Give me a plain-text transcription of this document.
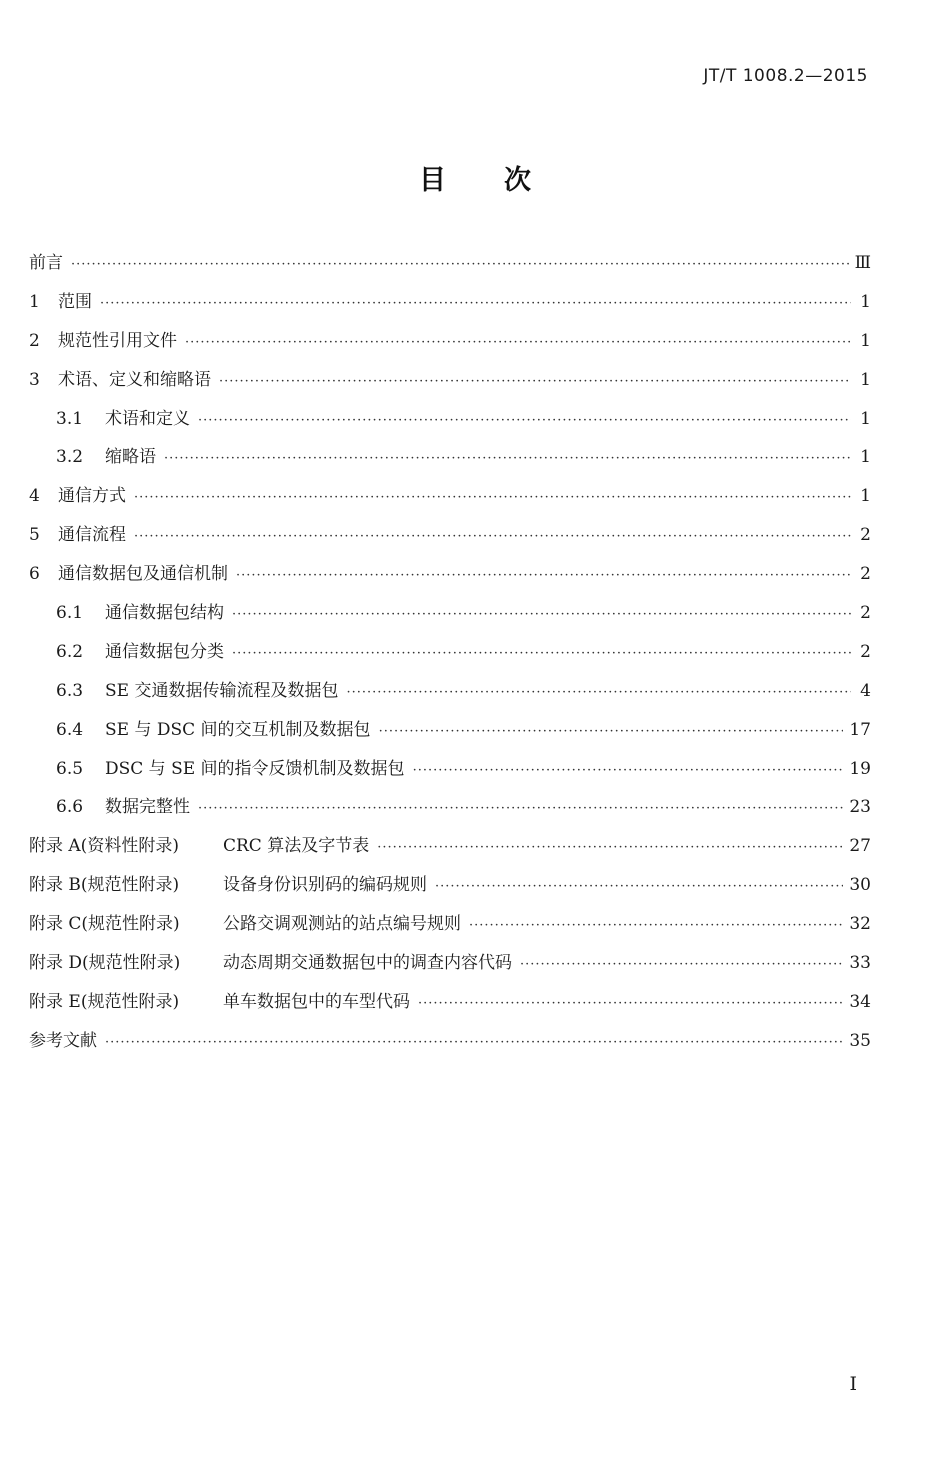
JT/T 1008.2—2015
目次
前言 ·····	Ⅲ
1	范围 ·····	1
2	规范性引用文件 ·····	1
3	术语、定义和缩略语 ·····	1
3.1	术语和定义 ·····	1
3.2	缩略语 ·····	1
4	通信方式 ·····	1
5	通信流程 ·····	2
6	通信数据包及通信机制 ·····	2
6.1	通信数据包结构 ·····	2
6.2	通信数据包分类 ·····	2
6.3	SE 交通数据传输流程及数据包 ·····	4
6.4	SE 与 DSC 间的交互机制及数据包 ·····	17
6.5	DSC 与 SE 间的指令反馈机制及数据包 ·····	19
6.6	数据完整性 ·····	23
附录 A(资料性附录)	CRC 算法及字节表 ·····	27
附录 B(规范性附录)	设备身份识别码的编码规则 ·····	30
附录 C(规范性附录)	公路交调观测站的站点编号规则 ·····	32
附录 D(规范性附录)	动态周期交通数据包中的调查内容代码 ·····	33
附录 E(规范性附录)	单车数据包中的车型代码 ·····	34
参考文献 ·····	35
I
